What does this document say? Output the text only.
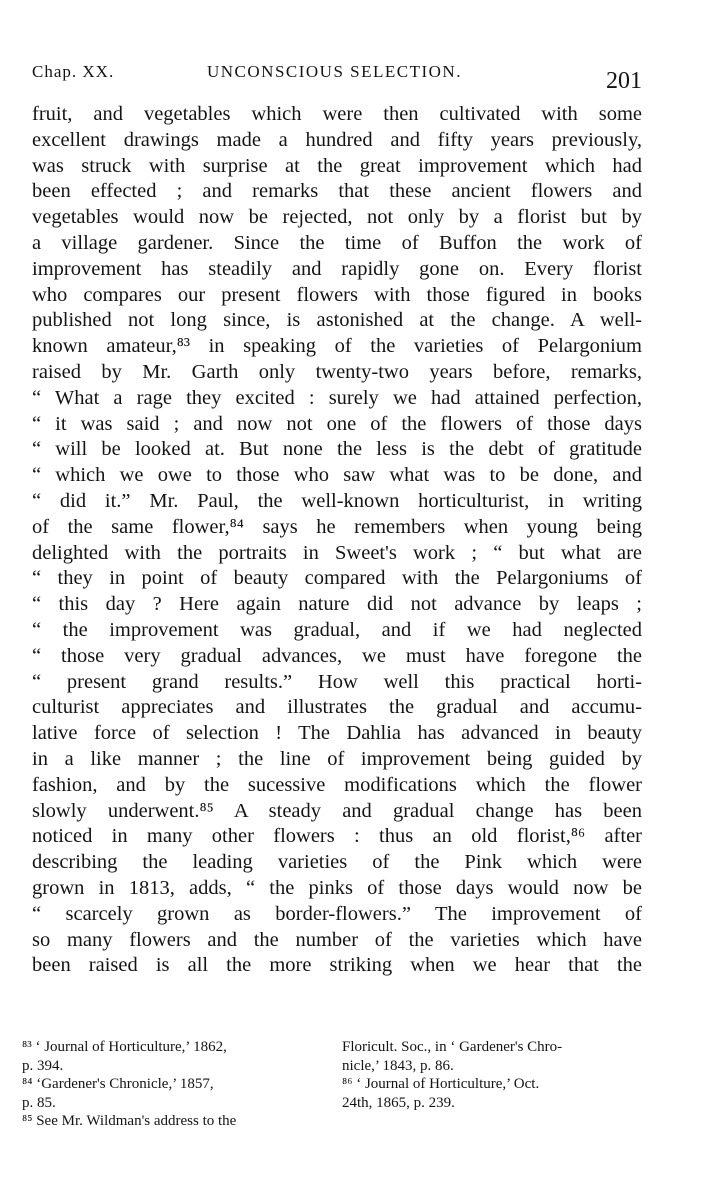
Chap. XX.	UNCONSCIOUS SELECTION.	201
fruit, and vegetables which were then cultivated with some
excellent drawings made a hundred and fifty years previously,
was struck with surprise at the great improvement which had
been effected ; and remarks that these ancient flowers and
vegetables would now be rejected, not only by a florist but by
a village gardener. Since the time of Buffon the work of
improvement has steadily and rapidly gone on. Every florist
who compares our present flowers with those figured in books
published not long since, is astonished at the change. A well-
known amateur,⁸³ in speaking of the varieties of Pelargonium
raised by Mr. Garth only twenty-two years before, remarks,
“ What a rage they excited : surely we had attained perfection,
“ it was said ; and now not one of the flowers of those days
“ will be looked at. But none the less is the debt of gratitude
“ which we owe to those who saw what was to be done, and
“ did it.” Mr. Paul, the well-known horticulturist, in writing
of the same flower,⁸⁴ says he remembers when young being
delighted with the portraits in Sweet's work ; “ but what are
“ they in point of beauty compared with the Pelargoniums of
“ this day ? Here again nature did not advance by leaps ;
“ the improvement was gradual, and if we had neglected
“ those very gradual advances, we must have foregone the
“ present grand results.” How well this practical horti-
culturist appreciates and illustrates the gradual and accumu-
lative force of selection ! The Dahlia has advanced in beauty
in a like manner ; the line of improvement being guided by
fashion, and by the sucessive modifications which the flower
slowly underwent.⁸⁵ A steady and gradual change has been
noticed in many other flowers : thus an old florist,⁸⁶ after
describing the leading varieties of the Pink which were
grown in 1813, adds, “ the pinks of those days would now be
“ scarcely grown as border-flowers.” The improvement of
so many flowers and the number of the varieties which have
been raised is all the more striking when we hear that the
⁸³ ‘ Journal of Horticulture,’ 1862,
p. 394.
⁸⁴ ‘Gardener's Chronicle,’ 1857,
p. 85.
⁸⁵ See Mr. Wildman's address to the
Floricult. Soc., in ‘ Gardener's Chro-
nicle,’ 1843, p. 86.
⁸⁶ ‘ Journal of Horticulture,’ Oct.
24th, 1865, p. 239.
